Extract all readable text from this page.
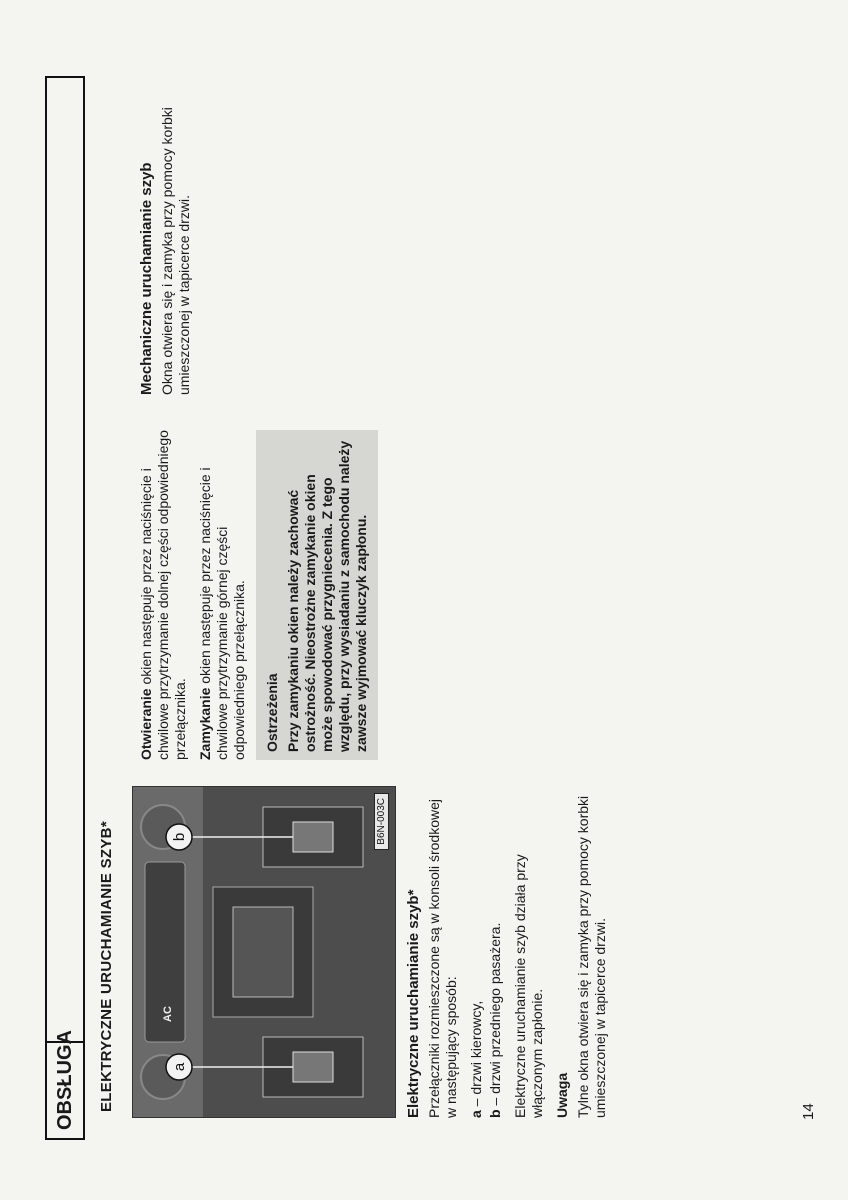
OBSŁUGA	ELEKTRYCZNE URUCHAMIANIE SZYB*	a
b
AC
B6N-003C
Elektryczne uruchamianie szyb* Przełączniki rozmieszczone są w konsoli środkowej w następujący sposób: a – drzwi kierowcy,

b – drzwi przedniego pasażera. Elektryczne uruchamianie szyb działa przy włączonym zapłonie. Uwaga Tylne okna otwiera się i zamyka przy pomocy korbki umieszczonej w tapicerce drzwi.

Otwieranie okien następuje przez naciśnięcie i chwilowe przytrzymanie dolnej części odpowiedniego przełącznika. Zamykanie okien następuje przez naciśnięcie i chwilowe przytrzymanie górnej części odpowiedniego przełącznika. Ostrzeżenia Przy zamykaniu okien należy zachować ostrożność. Nieostrożne zamykanie okien może spowodować przygniecenia. Z tego względu, przy wysiadaniu z samochodu należy zawsze wyjmować kluczyk zapłonu.
Mechaniczne uruchamianie szyb Okna otwiera się i zamyka przy pomocy korbki umieszczonej w tapicerce drzwi.

14
